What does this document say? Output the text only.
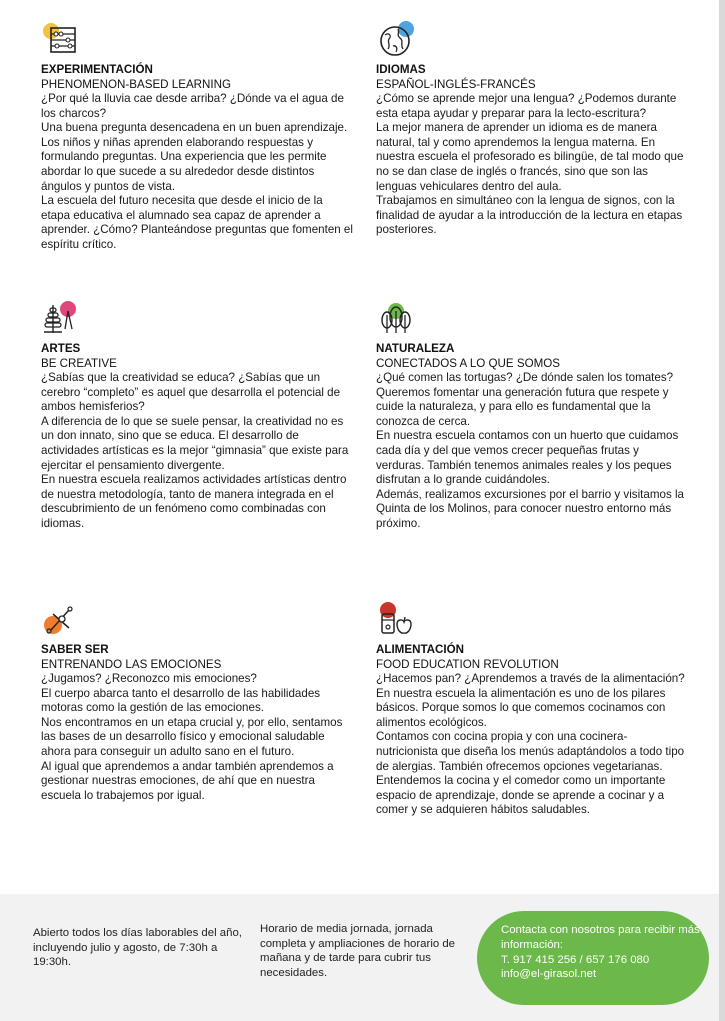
EXPERIMENTACIÓN
PHENOMENON-BASED LEARNING

¿Por qué la lluvia cae desde arriba? ¿Dónde va el agua de los charcos?

Una buena pregunta desencadena en un buen aprendizaje. Los niños y niñas aprenden elaborando respuestas y formulando preguntas. Una experiencia que les permite abordar lo que sucede a su alrededor desde distintos ángulos y puntos de vista.

La escuela del futuro necesita que desde el inicio de la etapa educativa el alumnado sea capaz de aprender a aprender. ¿Cómo? Planteándose preguntas que fomenten el espíritu crítico.

IDIOMAS
ESPAÑOL-INGLÉS-FRANCÉS

¿Cómo se aprende mejor una lengua? ¿Podemos durante esta etapa ayudar y preparar para la lecto-escritura?

La mejor manera de aprender un idioma es de manera natural, tal y como aprendemos la lengua materna. En nuestra escuela el profesorado es bilingüe, de tal modo que no se dan clase de inglés o francés, sino que son las lenguas vehiculares dentro del aula.

Trabajamos en simultáneo con la lengua de signos, con la finalidad de ayudar a la introducción de la lectura en etapas posteriores.

ARTES
BE CREATIVE

¿Sabías que la creatividad se educa? ¿Sabías que un cerebro “completo” es aquel que desarrolla el potencial de ambos hemisferios?

A diferencia de lo que se suele pensar, la creatividad no es un don innato, sino que se educa. El desarrollo de actividades artísticas es la mejor “gimnasia” que existe para ejercitar el pensamiento divergente.

En nuestra escuela realizamos actividades artísticas dentro de nuestra metodología, tanto de manera integrada en el descubrimiento de un fenómeno como combinadas con idiomas.

NATURALEZA
CONECTADOS A LO QUE SOMOS

¿Qué comen las tortugas? ¿De dónde salen los tomates?

Queremos fomentar una generación futura que respete y cuide la naturaleza, y para ello es fundamental que la conozca de cerca.

En nuestra escuela contamos con un huerto que cuidamos cada día y del que vemos crecer pequeñas frutas y verduras. También tenemos animales reales y los peques disfrutan a lo grande cuidándoles.

Además, realizamos excursiones por el barrio y visitamos la Quinta de los Molinos, para conocer nuestro entorno más próximo.

SABER SER
ENTRENANDO LAS EMOCIONES

¿Jugamos? ¿Reconozco mis emociones?

El cuerpo abarca tanto el desarrollo de las habilidades motoras como la gestión de las emociones.

Nos encontramos en un etapa crucial y, por ello, sentamos las bases de un desarrollo físico y emocional saludable ahora para conseguir un adulto sano en el futuro.

Al igual que aprendemos a andar también aprendemos a gestionar nuestras emociones, de ahí que en nuestra escuela lo trabajemos por igual.

ALIMENTACIÓN
FOOD EDUCATION REVOLUTION

¿Hacemos pan? ¿Aprendemos a través de la alimentación?

En nuestra escuela la alimentación es uno de los pilares básicos. Porque somos lo que comemos cocinamos con alimentos ecológicos.

Contamos con cocina propia y con una cocinera-nutricionista que diseña los menús adaptándolos a todo tipo de alergias. También ofrecemos opciones vegetarianas.

Entendemos la cocina y el comedor como un importante espacio de aprendizaje, donde se aprende a cocinar y a comer y se adquieren hábitos saludables.

Abierto todos los días laborables del año, incluyendo julio y agosto, de 7:30h a 19:30h.
Horario de media jornada, jornada completa y ampliaciones de horario de mañana y de tarde para cubrir tus necesidades.

Contacta con nosotros para recibir más información:

T. 917 415 256 / 657 176 080

info@el-girasol.net
